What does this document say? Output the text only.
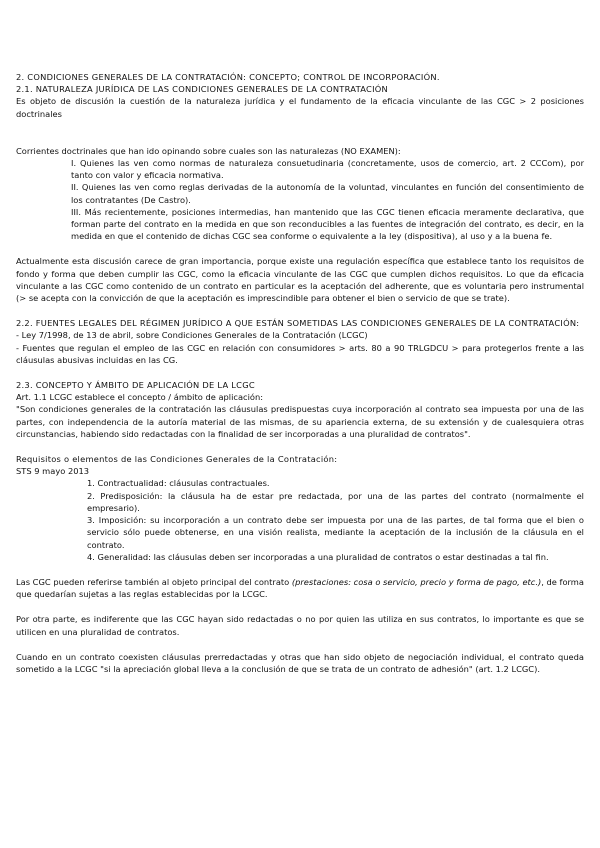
2. CONDICIONES GENERALES DE LA CONTRATACIÓN: CONCEPTO; CONTROL DE INCORPORACIÓN.

2.1. NATURALEZA JURÍDICA DE LAS CONDICIONES GENERALES DE LA CONTRATACIÓN

Es objeto de discusión la cuestión de la naturaleza jurídica y el fundamento de la eficacia vinculante de las CGC > 2 posiciones doctrinales

Corrientes doctrinales que han ido opinando sobre cuales son las naturalezas (NO EXAMEN):

I. Quienes las ven como normas de naturaleza consuetudinaria (concretamente, usos de comercio, art. 2 CCCom), por tanto con valor y eficacia normativa.

II. Quienes las ven como reglas derivadas de la autonomía de la voluntad, vinculantes en función del consentimiento de los contratantes (De Castro).

III. Más recientemente, posiciones intermedias, han mantenido que las CGC tienen eficacia meramente declarativa, que forman parte del contrato en la medida en que son reconducibles a las fuentes de integración del contrato, es decir, en la medida en que el contenido de dichas CGC sea conforme o equivalente a la ley (dispositiva), al uso y a la buena fe.

Actualmente esta discusión carece de gran importancia, porque existe una regulación específica que establece tanto los requisitos de fondo y forma que deben cumplir las CGC, como la eficacia vinculante de las CGC que cumplen dichos requisitos. Lo que da eficacia vinculante a las CGC como contenido de un contrato en particular es la aceptación del adherente, que es voluntaria pero instrumental (> se acepta con la convicción de que la aceptación es imprescindible para obtener el bien o servicio de que se trate).

2.2. FUENTES LEGALES DEL RÉGIMEN JURÍDICO A QUE ESTÁN SOMETIDAS LAS CONDICIONES GENERALES DE LA CONTRATACIÓN:

- Ley 7/1998, de 13 de abril, sobre Condiciones Generales de la Contratación (LCGC)

- Fuentes que regulan el empleo de las CGC en relación con consumidores > arts. 80 a 90 TRLGDCU > para protegerlos frente a las cláusulas abusivas incluidas en las CG.

2.3. CONCEPTO Y ÁMBITO DE APLICACIÓN DE LA LCGC

Art. 1.1 LCGC establece el concepto / ámbito de aplicación:

"Son condiciones generales de la contratación las cláusulas predispuestas cuya incorporación al contrato sea impuesta por una de las partes, con independencia de la autoría material de las mismas, de su apariencia externa, de su extensión y de cualesquiera otras circunstancias, habiendo sido redactadas con la finalidad de ser incorporadas a una pluralidad de contratos".

Requisitos o elementos de las Condiciones Generales de la Contratación:

STS 9 mayo 2013

1. Contractualidad: cláusulas contractuales.

2. Predisposición: la cláusula ha de estar pre redactada, por una de las partes del contrato (normalmente el empresario).

3. Imposición: su incorporación a un contrato debe ser impuesta por una de las partes, de tal forma que el bien o servicio sólo puede obtenerse, en una visión realista, mediante la aceptación de la inclusión de la cláusula en el contrato.

4. Generalidad: las cláusulas deben ser incorporadas a una pluralidad de contratos o estar destinadas a tal fin.

Las CGC pueden referirse también al objeto principal del contrato (prestaciones: cosa o servicio, precio y forma de pago, etc.), de forma que quedarían sujetas a las reglas establecidas por la LCGC.

Por otra parte, es indiferente que las CGC hayan sido redactadas o no por quien las utiliza en sus contratos, lo importante es que se utilicen en una pluralidad de contratos.

Cuando en un contrato coexisten cláusulas prerredactadas y otras que han sido objeto de negociación individual, el contrato queda sometido a la LCGC "si la apreciación global lleva a la conclusión de que se trata de un contrato de adhesión" (art. 1.2 LCGC).
